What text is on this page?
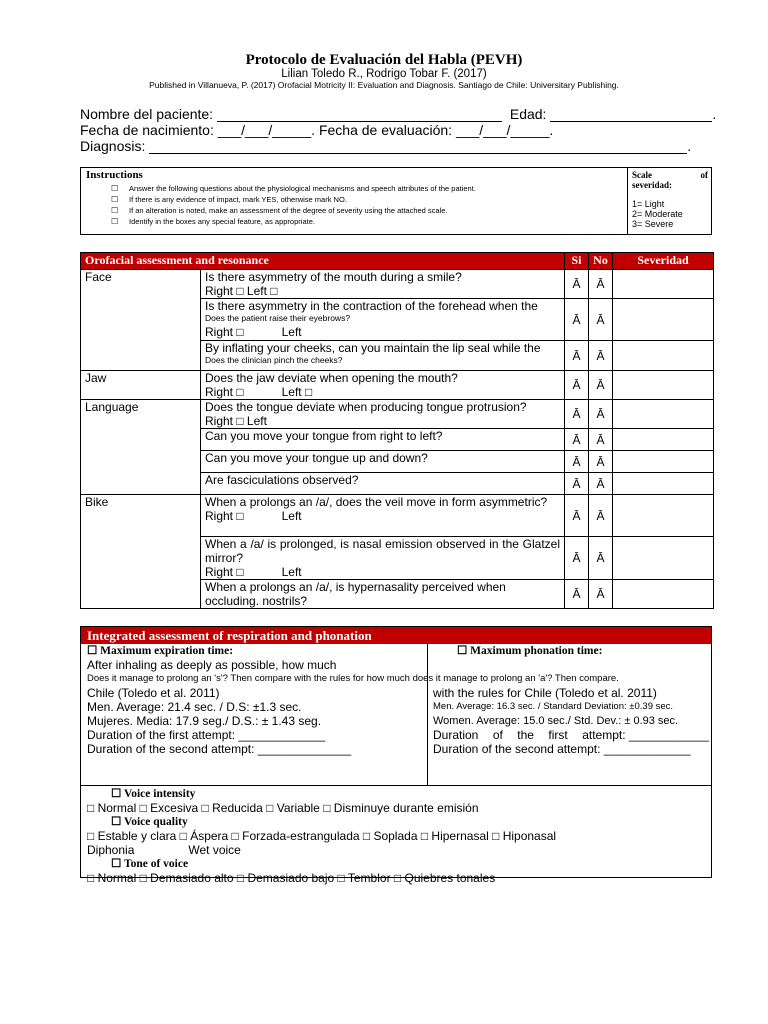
Protocolo de Evaluación del Habla (PEVH)
Lilian Toledo R., Rodrigo Tobar F. (2017)
Published in Villanueva, P. (2017) Orofacial Motricity II: Evaluation and Diagnosis. Santiago de Chile: Universitary Publishing.
Nombre del paciente:	Edad:	.
Fecha de nacimiento: ___/___/_____. Fecha de evaluación: ___/___/_____.
Diagnosis:	.
Instructions
☐ Answer the following questions about the physiological mechanisms and speech attributes of the patient.
☐ If there is any evidence of impact, mark YES, otherwise mark NO.
☐ If an alteration is noted, make an assessment of the degree of severity using the attached scale.
☐ Identify in the boxes any special feature, as appropriate.
Scale	of
severidad:
1= Light
2= Moderate
3= Severe
Orofacial assessment and resonance		Si	No	Severidad
Face	Is there asymmetry of the mouth during a smile?
Right □ Left □	Ā	Ā	

	Is there asymmetry in the contraction of the forehead when the
Does the patient raise their eyebrows?
Right □ Left	Ā	Ā	

	By inflating your cheeks, can you maintain the lip seal while the
Does the clinician pinch the cheeks?	Ā	Ā	
Jaw	Does the jaw deviate when opening the mouth?
Right □ Left □	Ā	Ā	
Language	Does the tongue deviate when producing tongue protrusion?
Right □ Left	Ā	Ā	
	Can you move your tongue from right to left?	Ā	Ā	
	Can you move your tongue up and down?	Ā	Ā	
	Are fasciculations observed?	Ā	Ā	
Bike	When a prolongs an /a/, does the veil move in form asymmetric?
Right □ Left	Ā	Ā	

	When a /a/ is prolonged, is nasal emission observed in the Glatzel mirror?
Right □ Left	Ā	Ā	
	When a prolongs an /a/, is hypernasality perceived when occluding. nostrils?	Ā	Ā	
Integrated assessment of respiration and phonation
☐ Maximum expiration time:
After inhaling as deeply as possible, how much
Does it manage to prolong an 's'? Then compare with the rules for how much does it manage to prolong an 'a'? Then compare.
Chile (Toledo et al. 2011)
Men. Average: 21.4 sec. / D.S: ±1.3 sec.
Mujeres. Media: 17.9 seg./ D.S.: ± 1.43 seg.
Duration of the first attempt: _____________
Duration of the second attempt: ______________
☐ Maximum phonation time:
with the rules for Chile (Toledo et al. 2011)
Men. Average: 16.3 sec. / Standard Deviation: ±0.39 sec.
Women. Average: 15.0 sec./ Std. Dev.: ± 0.93 sec.
Duration of the first attempt: ____________
Duration of the second attempt: _____________
☐ Voice intensity
□ Normal □ Excesiva □ Reducida □ Variable □ Disminuye durante emisión
☐ Voice quality
□ Estable y clara □ Áspera □ Forzada-estrangulada □ Soplada □ Hipernasal □ Hiponasal
Diphonia	Wet voice
☐ Tone of voice
□ Normal □ Demasiado alto □ Demasiado bajo □ Temblor □ Quiebres tonales
